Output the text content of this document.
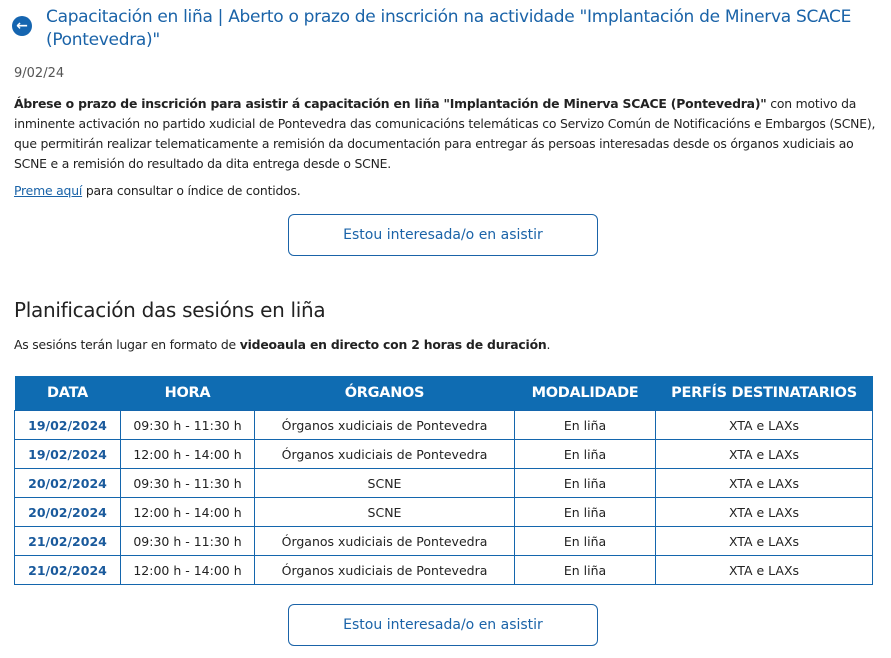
← Capacitación en liña | Aberto o prazo de inscrición na actividade "Implantación de Minerva SCACE (Pontevedra)"
9/02/24
Ábrese o prazo de inscrición para asistir á capacitación en liña "Implantación de Minerva SCACE (Pontevedra)" con motivo da inminente activación no partido xudicial de Pontevedra das comunicacións telemáticas co Servizo Común de Notificacións e Embargos (SCNE), que permitirán realizar telematicamente a remisión da documentación para entregar ás persoas interesadas desde os órganos xudiciais ao SCNE e a remisión do resultado da dita entrega desde o SCNE.
Preme aquí para consultar o índice de contidos.
Estou interesada/o en asistir
Planificación das sesións en liña
As sesións terán lugar en formato de videoaula en directo con 2 horas de duración.
DATA	HORA	ÓRGANOS	MODALIDADE	PERFÍS DESTINATARIOS
19/02/2024	09:30 h - 11:30 h	Órganos xudiciais de Pontevedra	En liña	XTA e LAXs
19/02/2024	12:00 h - 14:00 h	Órganos xudiciais de Pontevedra	En liña	XTA e LAXs
20/02/2024	09:30 h - 11:30 h	SCNE	En liña	XTA e LAXs
20/02/2024	12:00 h - 14:00 h	SCNE	En liña	XTA e LAXs
21/02/2024	09:30 h - 11:30 h	Órganos xudiciais de Pontevedra	En liña	XTA e LAXs
21/02/2024	12:00 h - 14:00 h	Órganos xudiciais de Pontevedra	En liña	XTA e LAXs
Estou interesada/o en asistir
